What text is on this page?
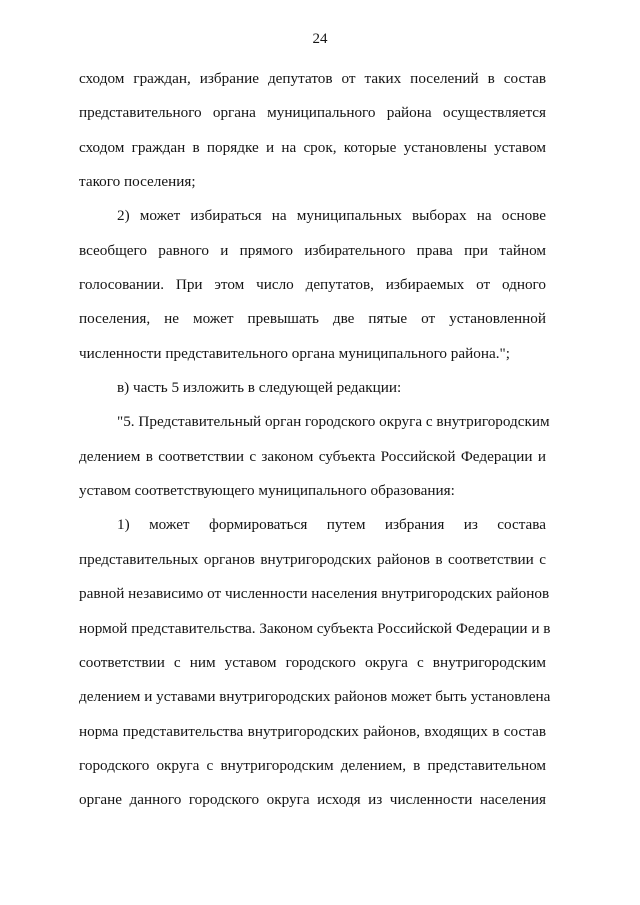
24
сходом граждан, избрание депутатов от таких поселений в состав
представительного органа муниципального района осуществляется
сходом граждан в порядке и на срок, которые установлены уставом
такого поселения;
2) может избираться на муниципальных выборах на основе
всеобщего равного и прямого избирательного права при тайном
голосовании. При этом число депутатов, избираемых от одного
поселения, не может превышать две пятые от установленной
численности представительного органа муниципального района.";
в) часть 5 изложить в следующей редакции:
"5. Представительный орган городского округа с внутригородским
делением в соответствии с законом субъекта Российской Федерации и
уставом соответствующего муниципального образования:
1) может формироваться путем избрания из состава
представительных органов внутригородских районов в соответствии с
равной независимо от численности населения внутригородских районов
нормой представительства. Законом субъекта Российской Федерации и в
соответствии с ним уставом городского округа с внутригородским
делением и уставами внутригородских районов может быть установлена
норма представительства внутригородских районов, входящих в состав
городского округа с внутригородским делением, в представительном
органе данного городского округа исходя из численности населения
